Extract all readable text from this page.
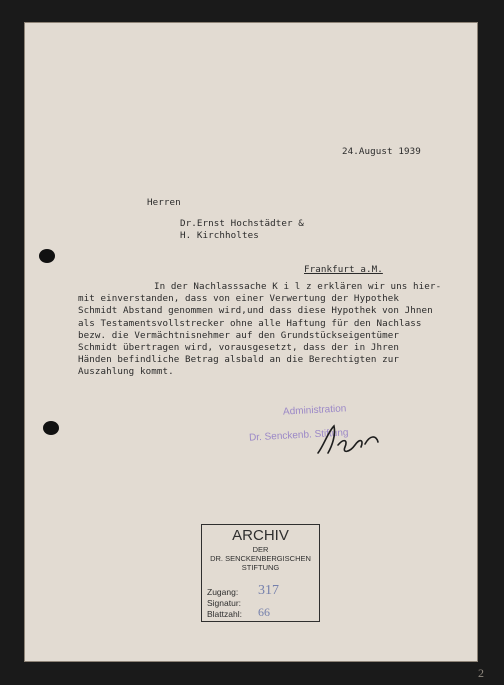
24.August 1939
Herren
Dr.Ernst Hochstädter &
H. Kirchholtes
Frankfurt a.M.

In der Nachlasssache K i l z erklären wir uns hier-

mit einverstanden, dass von einer Verwertung der Hypothek

Schmidt Abstand genommen wird,und dass diese Hypothek von Jhnen

als Testamentsvollstrecker ohne alle Haftung für den Nachlass

bezw. die Vermächtnisnehmer auf den Grundstückseigentümer

Schmidt übertragen wird, vorausgesetzt, dass der in Jhren

Händen befindliche Betrag alsbald an die Berechtigten zur

Auszahlung kommt.

Administration
Dr. Senckenb. Stiftung
ARCHIV
DER
DR. SENCKENBERGISCHEN
STIFTUNG
Zugang:
Signatur:
Blattzahl:
317
66
2
